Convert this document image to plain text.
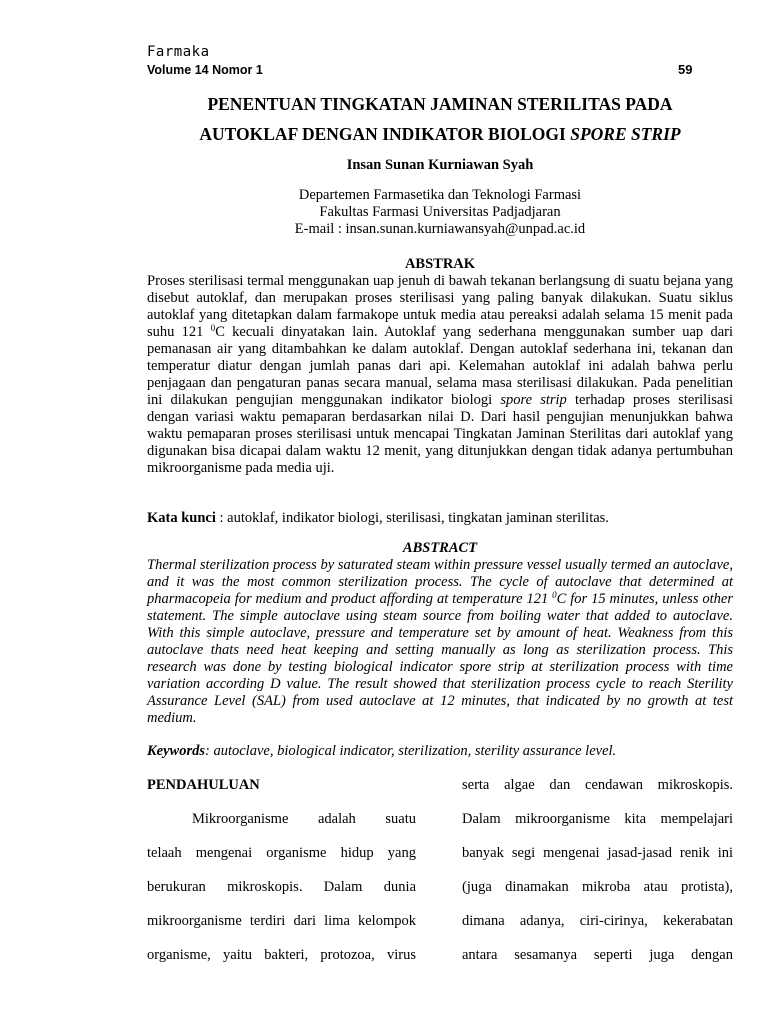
Farmaka
Volume 14 Nomor 1	59
PENENTUAN TINGKATAN JAMINAN STERILITAS PADA
AUTOKLAF DENGAN INDIKATOR BIOLOGI SPORE STRIP
Insan Sunan Kurniawan Syah
Departemen Farmasetika dan Teknologi Farmasi
Fakultas Farmasi Universitas Padjadjaran
E-mail : insan.sunan.kurniawansyah@unpad.ac.id
ABSTRAK
Proses sterilisasi termal menggunakan uap jenuh di bawah tekanan berlangsung di suatu bejana yang disebut autoklaf, dan merupakan proses sterilisasi yang paling banyak dilakukan. Suatu siklus autoklaf yang ditetapkan dalam farmakope untuk media atau pereaksi adalah selama 15 menit pada suhu 121 $^0$C kecuali dinyatakan lain. Autoklaf yang sederhana menggunakan sumber uap dari pemanasan air yang ditambahkan ke dalam autoklaf. Dengan autoklaf sederhana ini, tekanan dan temperatur diatur dengan jumlah panas dari api. Kelemahan autoklaf ini adalah bahwa perlu penjagaan dan pengaturan panas secara manual, selama masa sterilisasi dilakukan. Pada penelitian ini dilakukan pengujian menggunakan indikator biologi spore strip terhadap proses sterilisasi dengan variasi waktu pemaparan berdasarkan nilai D. Dari hasil pengujian menunjukkan bahwa waktu pemaparan proses sterilisasi untuk mencapai Tingkatan Jaminan Sterilitas dari autoklaf yang digunakan bisa dicapai dalam waktu 12 menit, yang ditunjukkan dengan tidak adanya pertumbuhan mikroorganisme pada media uji.
Kata kunci : autoklaf, indikator biologi, sterilisasi, tingkatan jaminan sterilitas.
ABSTRACT
Thermal sterilization process by saturated steam within pressure vessel usually termed an autoclave, and it was the most common sterilization process. The cycle of autoclave that determined at pharmacopeia for medium and product affording at temperature 121 $^0$C for 15 minutes, unless other statement. The simple autoclave using steam source from boiling water that added to autoclave. With this simple autoclave, pressure and temperature set by amount of heat. Weakness from this autoclave thats need heat keeping and setting manually as long as sterilization process. This research was done by testing biological indicator spore strip at sterilization process with time variation according D value. The result showed that sterilization process cycle to reach Sterility Assurance Level (SAL) from used autoclave at 12 minutes, that indicated by no growth at test medium.
Keywords: autoclave, biological indicator, sterilization, sterility assurance level.
PENDAHULUAN
Mikroorganisme adalah suatu
telaah mengenai organisme hidup yang
berukuran mikroskopis. Dalam dunia
mikroorganisme terdiri dari lima kelompok
organisme, yaitu bakteri, protozoa, virus
serta algae dan cendawan mikroskopis.
Dalam mikroorganisme kita mempelajari
banyak segi mengenai jasad-jasad renik ini
(juga dinamakan mikroba atau protista),
dimana adanya, ciri-cirinya, kekerabatan
antara sesamanya seperti juga dengan
